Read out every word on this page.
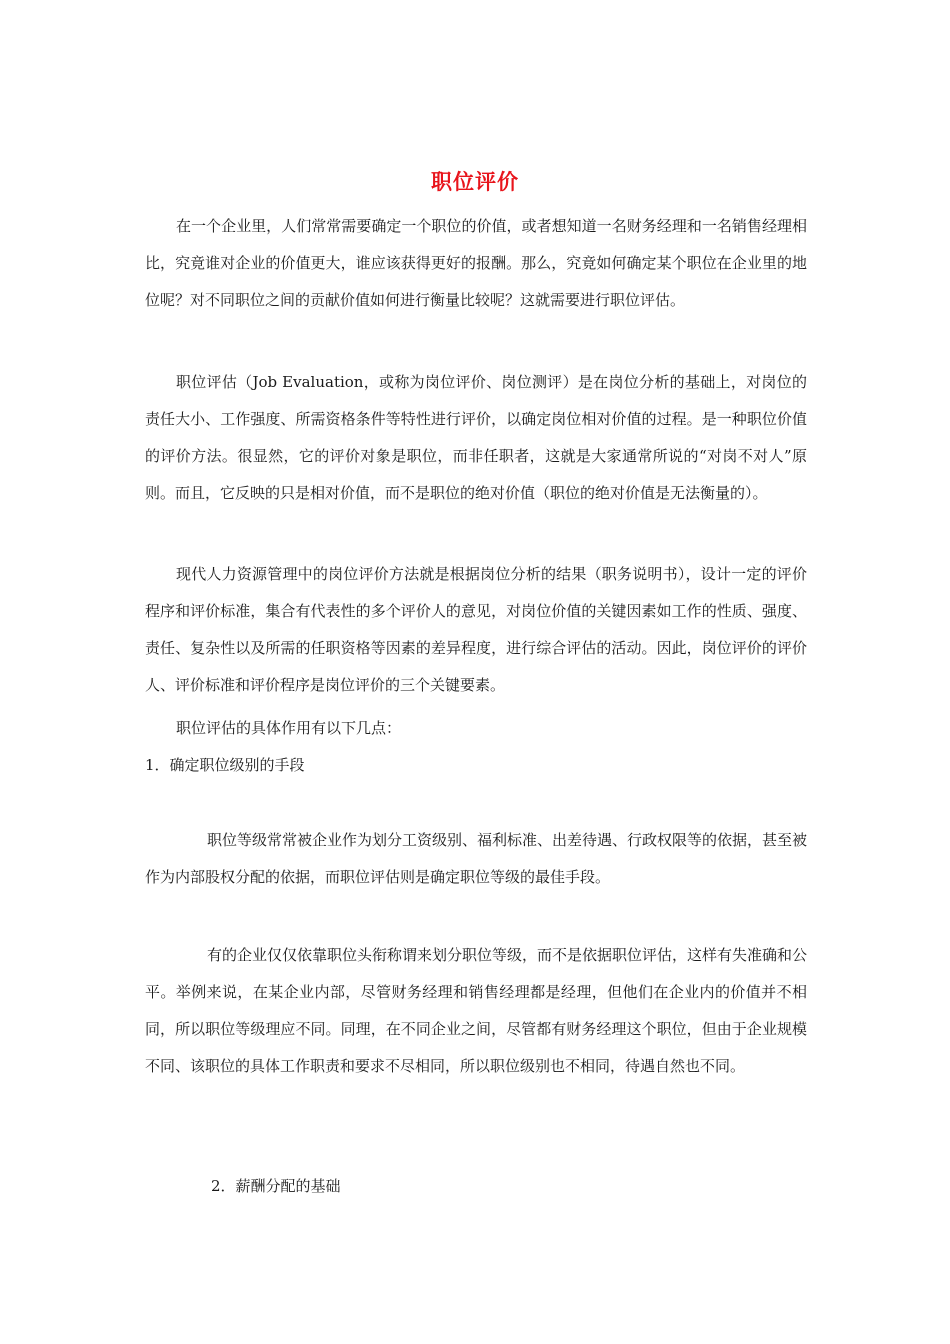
职位评价

在一个企业里，人们常常需要确定一个职位的价值，或者想知道一名财务经理和一名销售经理相比，究竟谁对企业的价值更大，谁应该获得更好的报酬。那么，究竟如何确定某个职位在企业里的地位呢？对不同职位之间的贡献价值如何进行衡量比较呢？这就需要进行职位评估。

职位评估（Job Evaluation，或称为岗位评价、岗位测评）是在岗位分析的基础上，对岗位的责任大小、工作强度、所需资格条件等特性进行评价，以确定岗位相对价值的过程。是一种职位价值的评价方法。很显然，它的评价对象是职位，而非任职者，这就是大家通常所说的“对岗不对人”原则。而且，它反映的只是相对价值，而不是职位的绝对价值（职位的绝对价值是无法衡量的）。

现代人力资源管理中的岗位评价方法就是根据岗位分析的结果（职务说明书），设计一定的评价程序和评价标准，集合有代表性的多个评价人的意见，对岗位价值的关键因素如工作的性质、强度、责任、复杂性以及所需的任职资格等因素的差异程度，进行综合评估的活动。因此，岗位评价的评价人、评价标准和评价程序是岗位评价的三个关键要素。

职位评估的具体作用有以下几点：

1．确定职位级别的手段

职位等级常常被企业作为划分工资级别、福利标准、出差待遇、行政权限等的依据，甚至被作为内部股权分配的依据，而职位评估则是确定职位等级的最佳手段。

有的企业仅仅依靠职位头衔称谓来划分职位等级，而不是依据职位评估，这样有失准确和公平。举例来说，在某企业内部，尽管财务经理和销售经理都是经理，但他们在企业内的价值并不相同，所以职位等级理应不同。同理，在不同企业之间，尽管都有财务经理这个职位，但由于企业规模不同、该职位的具体工作职责和要求不尽相同，所以职位级别也不相同，待遇自然也不同。

2．薪酬分配的基础
